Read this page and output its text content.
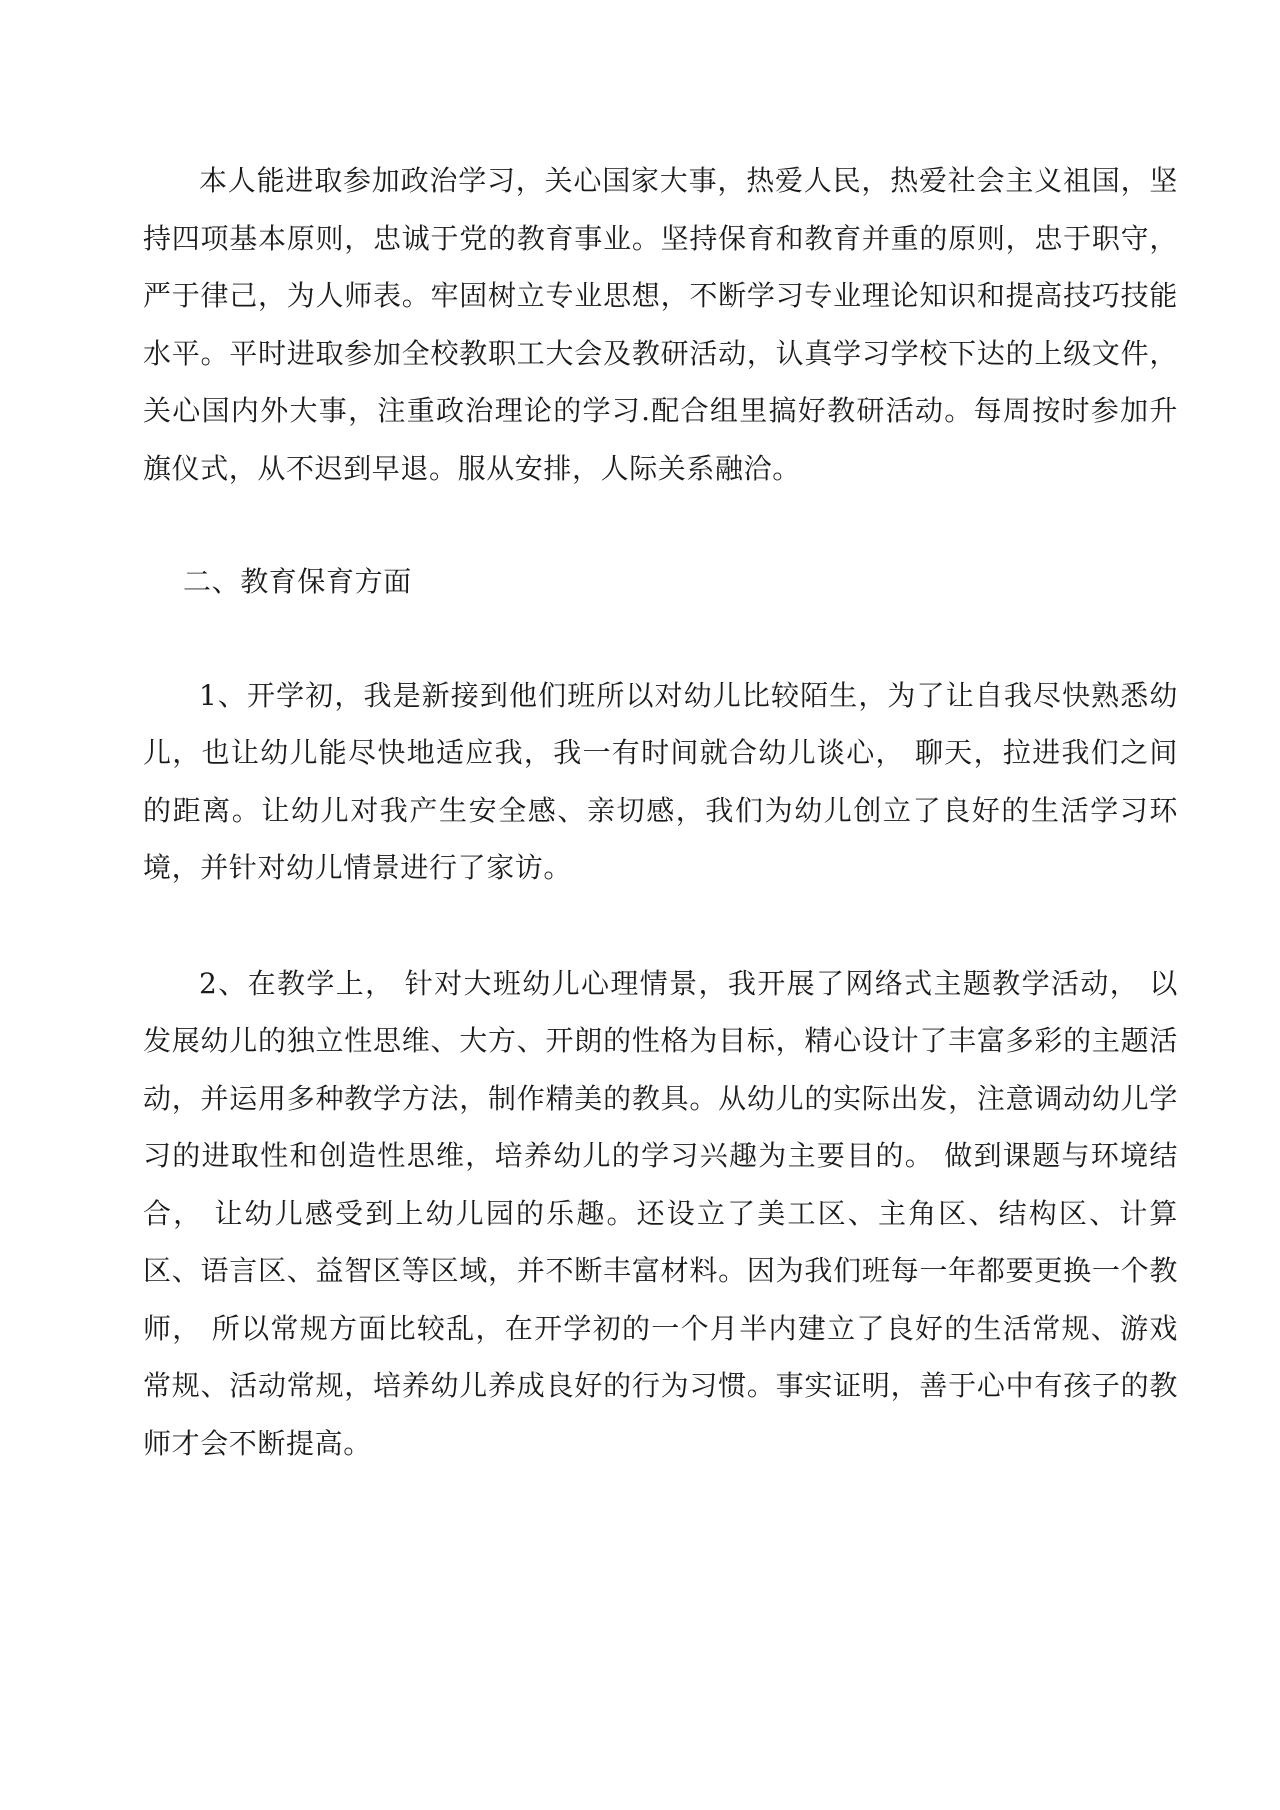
本人能进取参加政治学习，关心国家大事，热爱人民，热爱社会主义祖国，坚持四项基本原则，忠诚于党的教育事业。坚持保育和教育并重的原则，忠于职守，严于律己，为人师表。牢固树立专业思想，不断学习专业理论知识和提高技巧技能水平。平时进取参加全校教职工大会及教研活动，认真学习学校下达的上级文件，关心国内外大事，注重政治理论的学习.配合组里搞好教研活动。每周按时参加升旗仪式，从不迟到早退。服从安排，人际关系融洽。

二、教育保育方面

1、开学初，我是新接到他们班所以对幼儿比较陌生，为了让自我尽快熟悉幼儿，也让幼儿能尽快地适应我，我一有时间就合幼儿谈心， 聊天，拉进我们之间的距离。让幼儿对我产生安全感、亲切感，我们为幼儿创立了良好的生活学习环境，并针对幼儿情景进行了家访。

2、在教学上， 针对大班幼儿心理情景，我开展了网络式主题教学活动， 以发展幼儿的独立性思维、大方、开朗的性格为目标，精心设计了丰富多彩的主题活动，并运用多种教学方法，制作精美的教具。从幼儿的实际出发，注意调动幼儿学习的进取性和创造性思维，培养幼儿的学习兴趣为主要目的。 做到课题与环境结合， 让幼儿感受到上幼儿园的乐趣。还设立了美工区、主角区、结构区、计算区、语言区、益智区等区域，并不断丰富材料。因为我们班每一年都要更换一个教师， 所以常规方面比较乱，在开学初的一个月半内建立了良好的生活常规、游戏常规、活动常规，培养幼儿养成良好的行为习惯。事实证明，善于心中有孩子的教师才会不断提高。
